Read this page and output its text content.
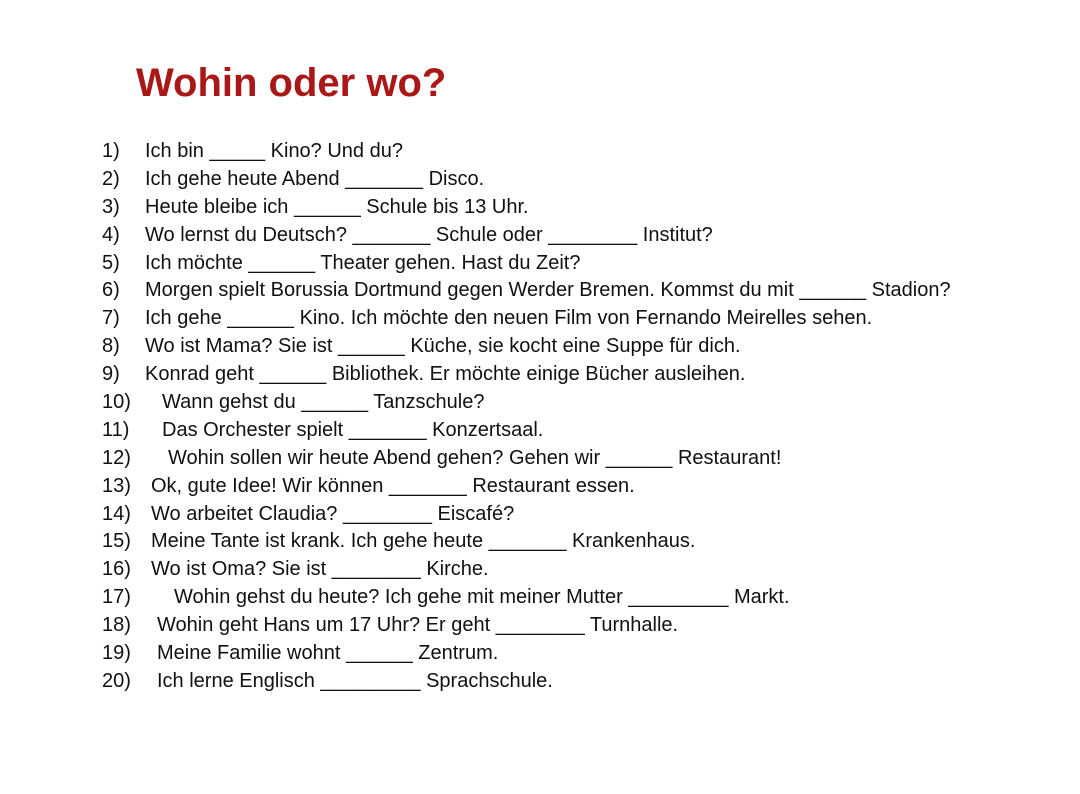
Wohin oder wo?
1) Ich bin _____ Kino? Und du?
2) Ich gehe heute Abend _______ Disco.
3) Heute bleibe ich ______ Schule bis 13 Uhr.
4) Wo lernst du Deutsch? _______ Schule oder ________ Institut?
5) Ich möchte ______ Theater gehen. Hast du Zeit?
6) Morgen spielt Borussia Dortmund gegen Werder Bremen. Kommst du mit ______ Stadion?
7) Ich gehe ______ Kino. Ich möchte den neuen Film von Fernando Meirelles sehen.
8) Wo ist Mama? Sie ist ______ Küche, sie kocht eine Suppe für dich.
9) Konrad geht ______ Bibliothek. Er möchte einige Bücher ausleihen.
10) Wann gehst du ______ Tanzschule?
11) Das Orchester spielt _______ Konzertsaal.
12) Wohin sollen wir heute Abend gehen? Gehen wir ______ Restaurant!
13) Ok, gute Idee! Wir können _______ Restaurant essen.
14) Wo arbeitet Claudia? ________ Eiscafé?
15) Meine Tante ist krank. Ich gehe heute _______ Krankenhaus.
16) Wo ist Oma? Sie ist ________ Kirche.
17) Wohin gehst du heute? Ich gehe mit meiner Mutter _________ Markt.
18) Wohin geht Hans um 17 Uhr? Er geht ________ Turnhalle.
19) Meine Familie wohnt ______ Zentrum.
20) Ich lerne Englisch _________ Sprachschule.
